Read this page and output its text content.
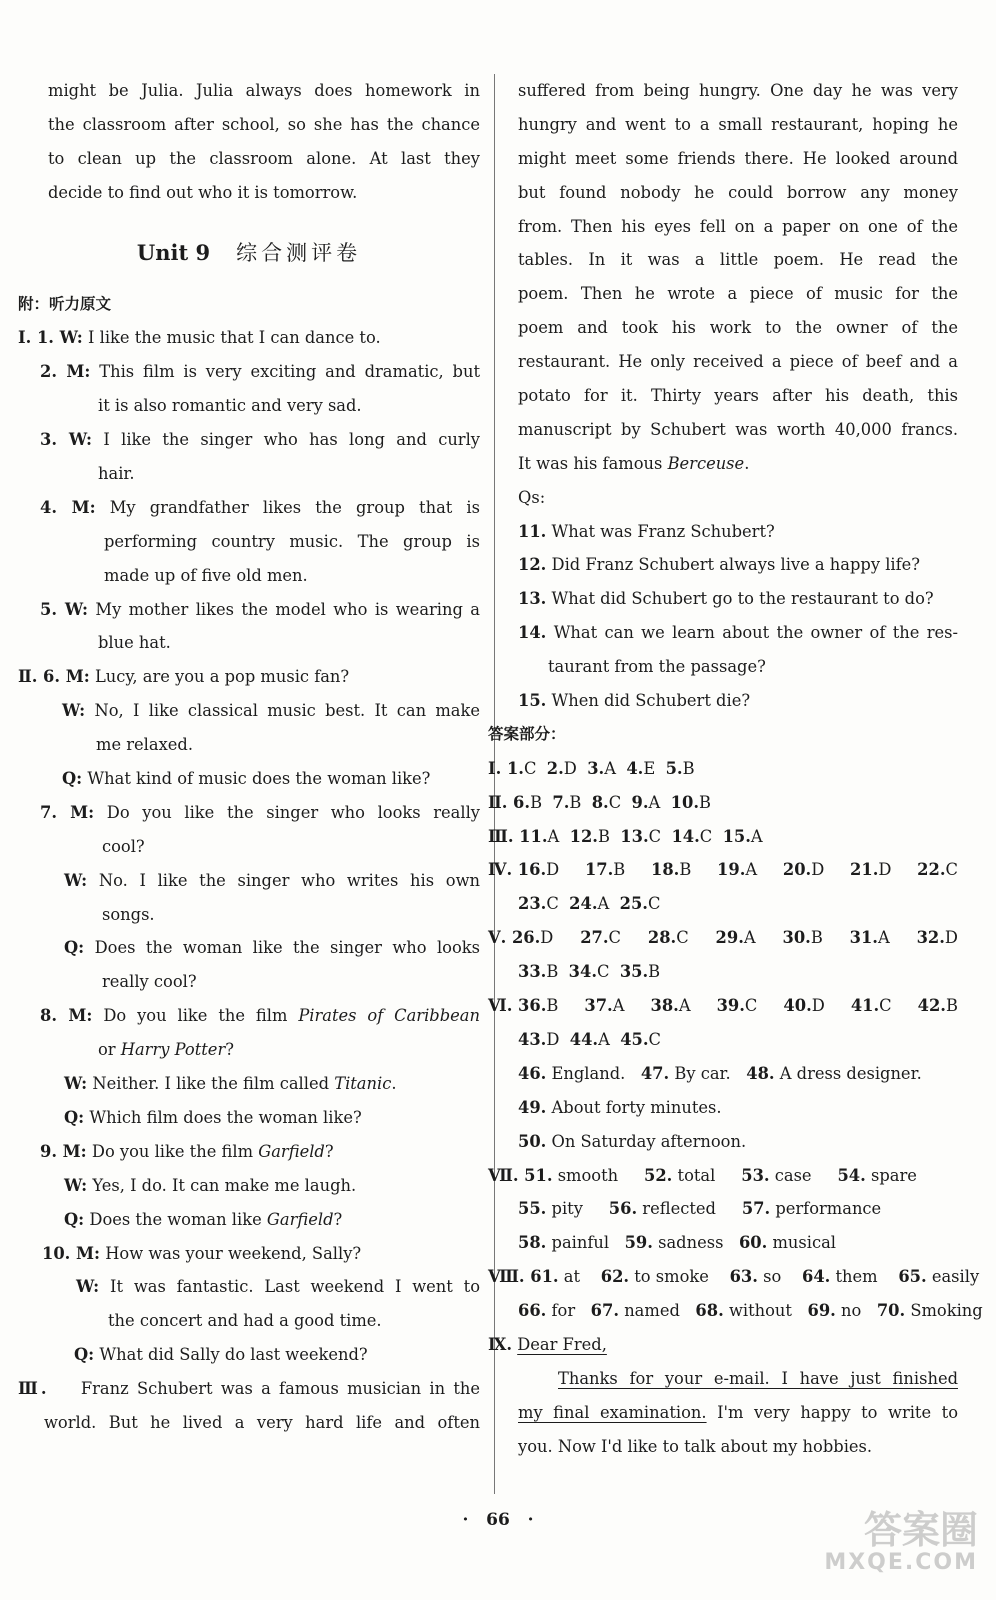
might be Julia. Julia always does homework in
the classroom after school, so she has the chance
to clean up the classroom alone. At last they
decide to find out who it is tomorrow.
Unit 9 综合测评卷
附：听力原文
Ⅰ. 1. W: I like the music that I can dance to.
2. M: This film is very exciting and dramatic, but
it is also romantic and very sad.
3. W: I like the singer who has long and curly
hair.
4. M: My grandfather likes the group that is
performing country music. The group is
made up of five old men.
5. W: My mother likes the model who is wearing a
blue hat.
Ⅱ. 6. M: Lucy, are you a pop music fan?
W: No, I like classical music best. It can make
me relaxed.
Q: What kind of music does the woman like?
7. M: Do you like the singer who looks really
cool?
W: No. I like the singer who writes his own
songs.
Q: Does the woman like the singer who looks
really cool?
8. M: Do you like the film Pirates of Caribbean
or Harry Potter?
W: Neither. I like the film called Titanic.
Q: Which film does the woman like?
9. M: Do you like the film Garfield?
W: Yes, I do. It can make me laugh.
Q: Does the woman like Garfield?
10. M: How was your weekend, Sally?
W: It was fantastic. Last weekend I went to
the concert and had a good time.
Q: What did Sally do last weekend?
Ⅲ. Franz Schubert was a famous musician in the
world. But he lived a very hard life and often
suffered from being hungry. One day he was very
hungry and went to a small restaurant, hoping he
might meet some friends there. He looked around
but found nobody he could borrow any money
from. Then his eyes fell on a paper on one of the
tables. In it was a little poem. He read the
poem. Then he wrote a piece of music for the
poem and took his work to the owner of the
restaurant. He only received a piece of beef and a
potato for it. Thirty years after his death, this
manuscript by Schubert was worth 40,000 francs.
It was his famous Berceuse.
Qs:
11. What was Franz Schubert?
12. Did Franz Schubert always live a happy life?
13. What did Schubert go to the restaurant to do?
14. What can we learn about the owner of the res-
taurant from the passage?
15. When did Schubert die?
答案部分：
Ⅰ. 1.C 2.D 3.A 4.E 5.B
Ⅱ. 6.B 7.B 8.C 9.A 10.B
Ⅲ. 11.A 12.B 13.C 14.C 15.A
Ⅳ. 16.D 17.B 18.B 19.A 20.D 21.D 22.C
23.C 24.A 25.C
Ⅴ. 26.D 27.C 28.C 29.A 30.B 31.A 32.D
33.B 34.C 35.B
Ⅵ. 36.B 37.A 38.A 39.C 40.D 41.C 42.B
43.D 44.A 45.C
46. England. 47. By car. 48. A dress designer.
49. About forty minutes.
50. On Saturday afternoon.
Ⅶ. 51. smooth 52. total 53. case 54. spare
55. pity 56. reflected 57. performance
58. painful 59. sadness 60. musical
Ⅷ. 61. at 62. to smoke 63. so 64. them 65. easily
66. for 67. named 68. without 69. no 70. Smoking
Ⅸ. Dear Fred,
Thanks for your e-mail. I have just finished
my final examination. I'm very happy to write to
you. Now I'd like to talk about my hobbies.
·   66   ·	答案圈
MXQE.COM
